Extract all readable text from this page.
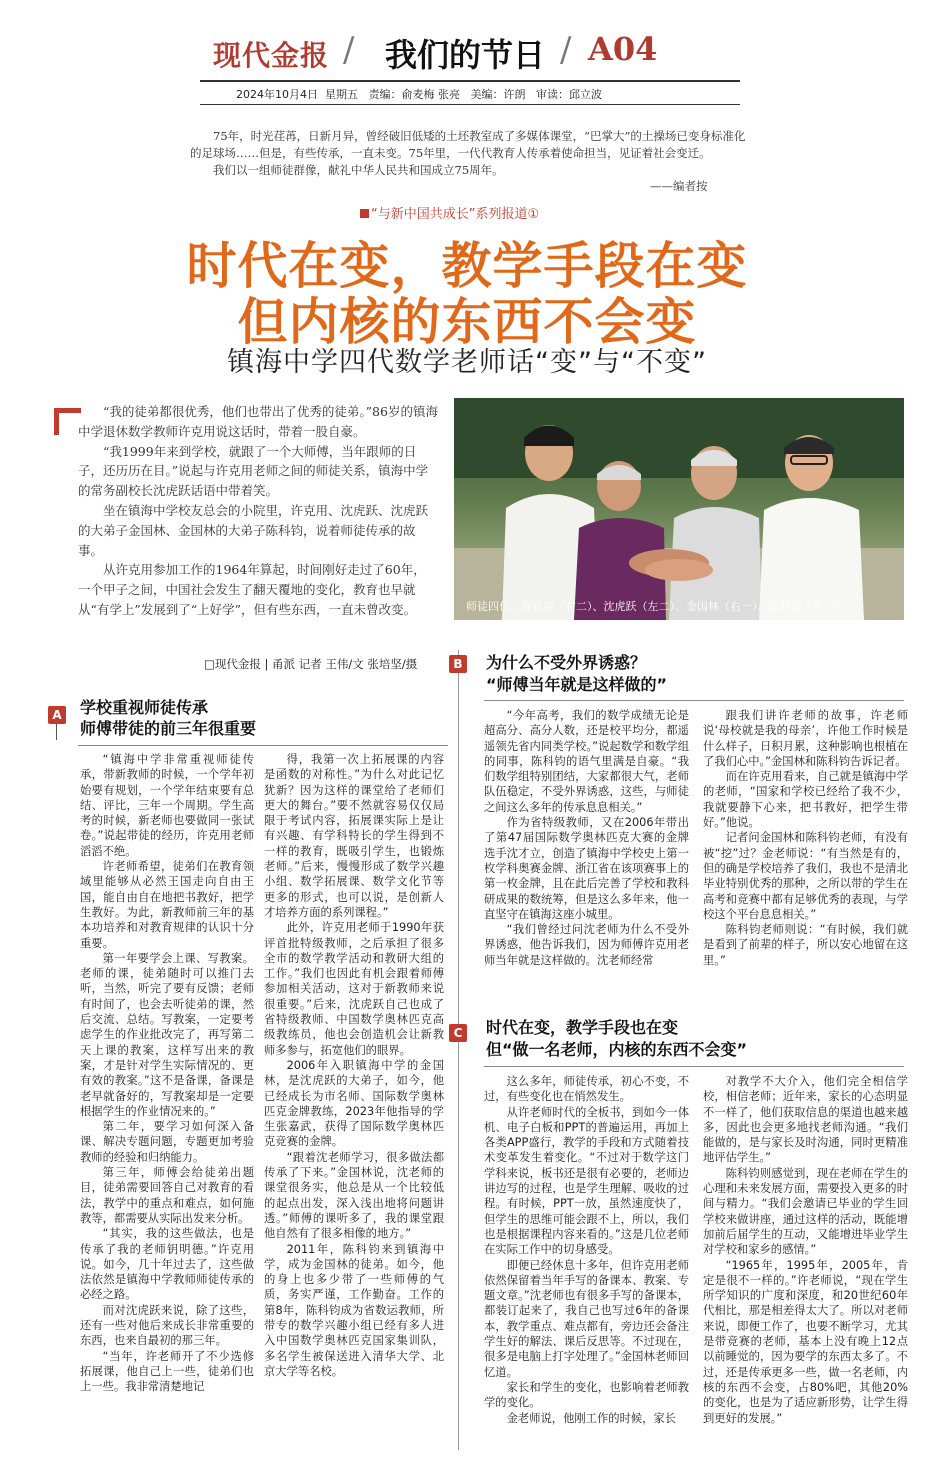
现代金报 / 我们的节日 / A04
2024年10月4日  星期五   责编：俞麦梅 张亮   美编：许朗   审读：邱立波

75年，时光荏苒，日新月异，曾经破旧低矮的土坯教室成了多媒体课堂，“巴掌大”的土操场已变身标准化的足球场……但是，有些传承，一直未变。75年里，一代代教育人传承着使命担当，见证着社会变迁。

我们以一组师徒群像，献礼中华人民共和国成立75周年。

——编者按
“与新中国共成长”系列报道①
时代在变，教学手段在变
但内核的东西不会变
镇海中学四代数学老师话“变”与“不变”

“我的徒弟都很优秀，他们也带出了优秀的徒弟。”86岁的镇海中学退休数学教师许克用说这话时，带着一股自豪。

“我1999年来到学校，就跟了一个大师傅，当年跟师的日子，还历历在目。”说起与许克用老师之间的师徒关系，镇海中学的常务副校长沈虎跃话语中带着笑。

坐在镇海中学校友总会的小院里，许克用、沈虎跃、沈虎跃的大弟子金国林、金国林的大弟子陈科钧，说着师徒传承的故事。

从许克用参加工作的1964年算起，时间刚好走过了60年，一个甲子之间，中国社会发生了翻天覆地的变化，教育也早就从“有学上”发展到了“上好学”，但有些东西，一直未曾改变。

□现代金报 | 甬派 记者 王伟/文 张培坚/摄
师徒四代，许克用（右二）、沈虎跃（左二）、金国林（右一）、陈科钧（左一）。
A 学校重视师徒传承
师傅带徒的前三年很重要

“镇海中学非常重视师徒传承，带新教师的时候，一个学年初始要有规划，一个学年结束要有总结、评比，三年一个周期。学生高考的时候，新老师也要做同一张试卷。”说起带徒的经历，许克用老师滔滔不绝。

许老师希望，徒弟们在教育领域里能够从必然王国走向自由王国，能自由自在地把书教好，把学生教好。为此，新教师前三年的基本功培养和对教育规律的认识十分重要。

第一年要学会上课、写教案。老师的课，徒弟随时可以推门去听，当然，听完了要有反馈；老师有时间了，也会去听徒弟的课，然后交流、总结。写教案，一定要考虑学生的作业批改完了，再写第二天上课的教案，这样写出来的教案，才是针对学生实际情况的、更有效的教案。”这不是备课，备课是老早就备好的，写教案却是一定要根据学生的作业情况来的。”

第二年，要学习如何深入备课、解决专题问题，专题更加考验教师的经验和归纳能力。

第三年，师傅会给徒弟出题目，徒弟需要回答自己对教育的看法，教学中的重点和难点，如何施教等，都需要从实际出发来分析。

“其实，我的这些做法，也是传承了我的老师钥明德。”许克用说。如今，几十年过去了，这些做法依然是镇海中学教师师徒传承的必经之路。

而对沈虎跃来说，除了这些，还有一些对他后来成长非常重要的东西，也来自最初的那三年。

“当年，许老师开了不少选修拓展课，他自己上一些，徒弟们也上一些。我非常清楚地记

得，我第一次上拓展课的内容是函数的对称性。”为什么对此记忆犹新？因为这样的课堂给了老师们更大的舞台。”要不然就容易仅仅局限于考试内容，拓展课实际上是让有兴趣、有学科特长的学生得到不一样的教育，既吸引学生，也锻炼老师。”后来，慢慢形成了数学兴趣小组、数学拓展课、数学文化节等更多的形式，也可以说，是创新人才培养方面的系列课程。”

此外，许克用老师于1990年获评首批特级教师，之后承担了很多全市的数学教学活动和教研大组的工作。”我们也因此有机会跟着师傅参加相关活动，这对于新教师来说很重要。”后来，沈虎跃自己也成了省特级教师、中国数学奥林匹克高级教练员，他也会创造机会让新教师多参与，拓宽他们的眼界。

2006年入职镇海中学的金国林，是沈虎跃的大弟子，如今，他已经成长为市名师、国际数学奥林匹克金牌教练，2023年他指导的学生张嘉武，获得了国际数学奥林匹克竞赛的金牌。

“跟着沈老师学习，很多做法都传承了下来。”金国林说，沈老师的课堂很务实，他总是从一个比较低的起点出发，深入浅出地将问题讲透。”师傅的课听多了，我的课堂跟他自然有了很多相像的地方。”

2011年，陈科钧来到镇海中学，成为金国林的徒弟。如今，他的身上也多少带了一些师傅的气质，务实严谨，工作勤奋。工作的第8年，陈科钧成为省数运教师，所带专的数学兴趣小组已经有多人进入中国数学奥林匹克国家集训队，多名学生被保送进入清华大学、北京大学等名校。

B 为什么不受外界诱惑？
“师傅当年就是这样做的”

“今年高考，我们的数学成绩无论是超高分、高分人数，还是校平均分，都遥遥领先省内同类学校。”说起数学和数学组的同事，陈科钧的语气里满是自豪。“我们数学组特别团结，大家都很大气，老师队伍稳定，不受外界诱惑，这些，与师徒之间这么多年的传承息息相关。”

作为省特级教师，又在2006年带出了第47届国际数学奥林匹克大赛的金牌选手沈才立，创造了镇海中学校史上第一枚学科奥赛金牌、浙江省在该项赛事上的第一枚金牌，且在此后完善了学校和教科研成果的数统筹，但是这么多年来，他一直坚守在镇海这座小城里。

“我们曾经过问沈老师为什么不受外界诱惑，他告诉我们，因为师傅许克用老师当年就是这样做的。沈老师经常

跟我们讲许老师的故事，许老师说‘母校就是我的母亲’，许他工作时候是什么样子，日积月累，这种影响也根植在了我们心中。”金国林和陈科钧告诉记者。

而在许克用看来，自己就是镇海中学的老师，“国家和学校已经给了我不少，我就要静下心来，把书教好，把学生带好。”他说。

记者问金国林和陈科钧老师，有没有被“挖”过？金老师说：“有当然是有的，但的确是学校培养了我们，我也不是清北毕业特别优秀的那种，之所以带的学生在高考和竞赛中都有足够优秀的表现，与学校这个平台息息相关。”

陈科钧老师则说：“有时候，我们就是看到了前辈的样子，所以安心地留在这里。”

C 时代在变，教学手段也在变
但“做一名老师，内核的东西不会变”

这么多年，师徒传承，初心不变，不过，有些变化也在悄然发生。

从许老师时代的全板书，到如今一体机、电子白板和PPT的普遍运用，再加上各类APP盛行，教学的手段和方式随着技术变革发生着变化。“不过对于数学这门学科来说，板书还是很有必要的，老师边讲边写的过程，也是学生理解、吸收的过程。有时候，PPT一放，虽然速度快了，但学生的思维可能会跟不上，所以，我们也是根据课程内容来看的。”这是几位老师在实际工作中的切身感受。

即便已经休息十多年，但许克用老师依然保留着当年手写的备课本、教案、专题文章。”沈老师也有很多手写的备课本，都装订起来了，我自己也写过6年的备课本，教学重点、难点都有，旁边还会备注学生好的解法、课后反思等。不过现在，很多是电脑上打字处理了。”金国林老师回忆道。

家长和学生的变化，也影响着老师教学的变化。

金老师说，他刚工作的时候，家长

对教学不大介入，他们完全相信学校，相信老师；近年来，家长的心态明显不一样了，他们获取信息的渠道也越来越多，因此也会更多地找老师沟通。“我们能做的，是与家长及时沟通，同时更精准地评估学生。”

陈科钧则感觉到，现在老师在学生的心理和未来发展方面，需要投入更多的时间与精力。“我们会邀请已毕业的学生回学校来做讲座，通过这样的活动，既能增加前后届学生的互动，又能增进毕业学生对学校和家乡的感情。”

“1965年，1995年，2005年，肯定是很不一样的。”许老师说，“现在学生所学知识的广度和深度，和20世纪60年代相比，那是相差得太大了。所以对老师来说，即便工作了，也要不断学习，尤其是带竞赛的老师，基本上没有晚上12点以前睡觉的，因为要学的东西太多了。不过，还是传承更多一些，做一名老师，内核的东西不会变，占80%吧，其他20%的变化，也是为了适应新形势，让学生得到更好的发展。”
